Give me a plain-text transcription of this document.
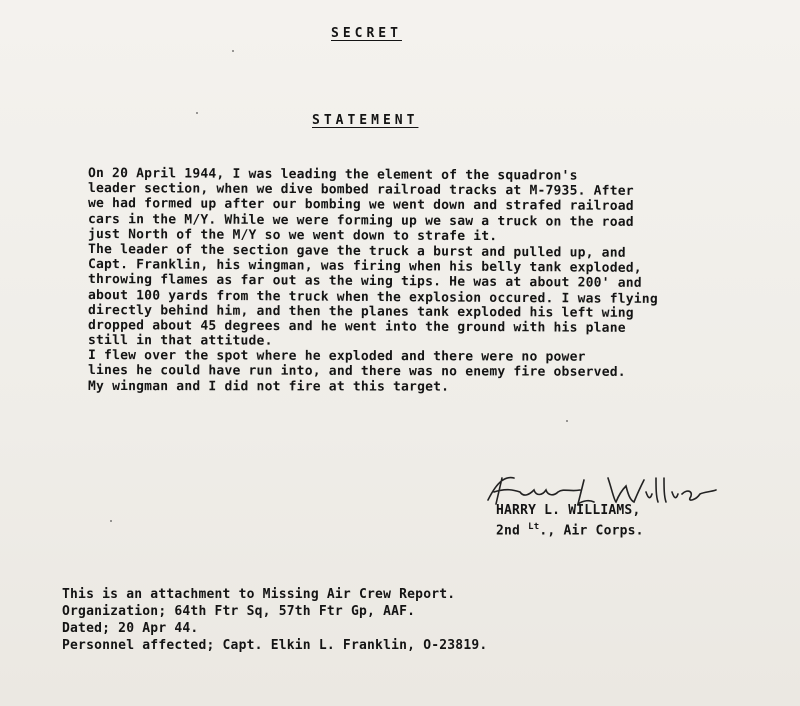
SECRET
STATEMENT
On 20 April 1944, I was leading the element of the squadron's
leader section, when we dive bombed railroad tracks at M-7935. After
we had formed up after our bombing we went down and strafed railroad
cars in the M/Y. While we were forming up we saw a truck on the road
just North of the M/Y so we went down to strafe it.
The leader of the section gave the truck a burst and pulled up, and
Capt. Franklin, his wingman, was firing when his belly tank exploded,
throwing flames as far out as the wing tips. He was at about 200' and
about 100 yards from the truck when the explosion occured. I was flying
directly behind him, and then the planes tank exploded his left wing
dropped about 45 degrees and he went into the ground with his plane
still in that attitude.
I flew over the spot where he exploded and there were no power
lines he could have run into, and there was no enemy fire observed.
My wingman and I did not fire at this target.
HARRY L. WILLIAMS,
2nd $^{Lt}$., Air Corps.
This is an attachment to Missing Air Crew Report.
Organization; 64th Ftr Sq, 57th Ftr Gp, AAF.
Dated; 20 Apr 44.
Personnel affected; Capt. Elkin L. Franklin, O-23819.
